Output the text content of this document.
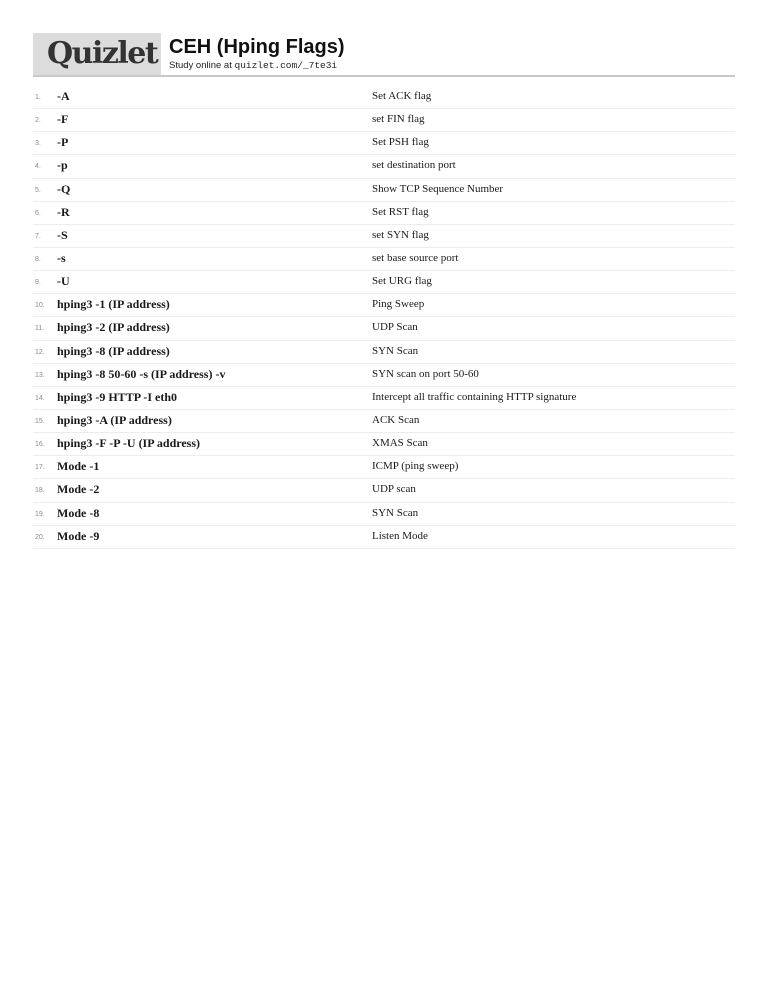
Quizlet CEH (Hping Flags)
Study online at quizlet.com/_7te3i
1. -A	Set ACK flag
2. -F	set FIN flag
3. -P	Set PSH flag
4. -p	set destination port
5. -Q	Show TCP Sequence Number
6. -R	Set RST flag
7. -S	set SYN flag
8. -s	set base source port
9. -U	Set URG flag
10. hping3 -1 (IP address)	Ping Sweep
11. hping3 -2 (IP address)	UDP Scan
12. hping3 -8 (IP address)	SYN Scan
13. hping3 -8 50-60 -s (IP address) -v	SYN scan on port 50-60
14. hping3 -9 HTTP -I eth0	Intercept all traffic containing HTTP signature
15. hping3 -A (IP address)	ACK Scan
16. hping3 -F -P -U (IP address)	XMAS Scan
17. Mode -1	ICMP (ping sweep)
18. Mode -2	UDP scan
19. Mode -8	SYN Scan
20. Mode -9	Listen Mode
